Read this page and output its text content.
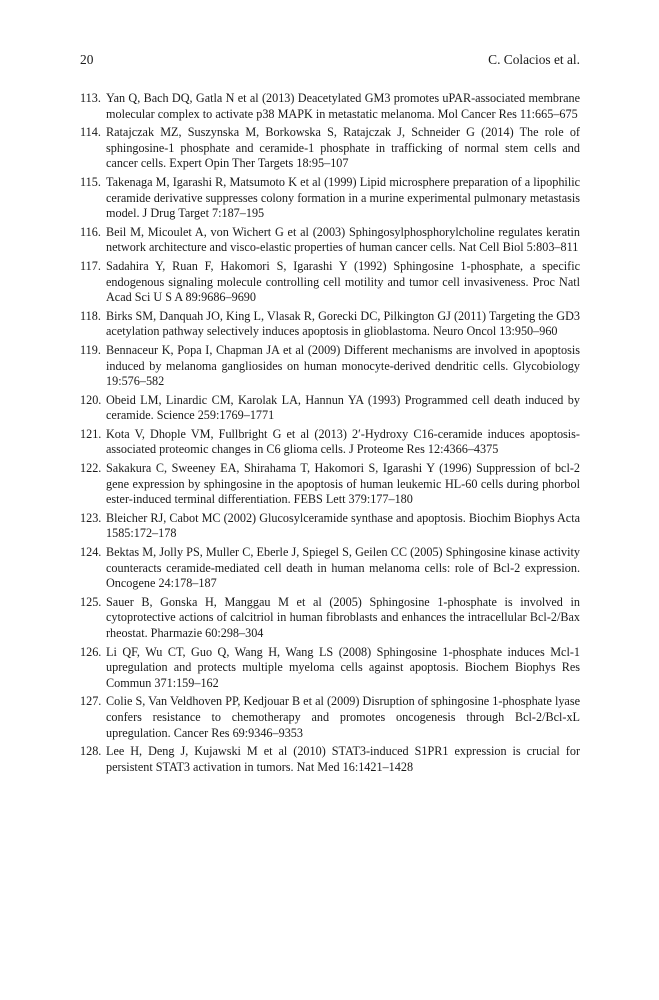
20	C. Colacios et al.
113. Yan Q, Bach DQ, Gatla N et al (2013) Deacetylated GM3 promotes uPAR-associated membrane molecular complex to activate p38 MAPK in metastatic melanoma. Mol Cancer Res 11:665–675
114. Ratajczak MZ, Suszynska M, Borkowska S, Ratajczak J, Schneider G (2014) The role of sphingosine-1 phosphate and ceramide-1 phosphate in trafficking of normal stem cells and cancer cells. Expert Opin Ther Targets 18:95–107
115. Takenaga M, Igarashi R, Matsumoto K et al (1999) Lipid microsphere preparation of a lipophilic ceramide derivative suppresses colony formation in a murine experimental pulmonary metastasis model. J Drug Target 7:187–195
116. Beil M, Micoulet A, von Wichert G et al (2003) Sphingosylphosphorylcholine regulates keratin network architecture and visco-elastic properties of human cancer cells. Nat Cell Biol 5:803–811
117. Sadahira Y, Ruan F, Hakomori S, Igarashi Y (1992) Sphingosine 1-phosphate, a specific endogenous signaling molecule controlling cell motility and tumor cell invasiveness. Proc Natl Acad Sci U S A 89:9686–9690
118. Birks SM, Danquah JO, King L, Vlasak R, Gorecki DC, Pilkington GJ (2011) Targeting the GD3 acetylation pathway selectively induces apoptosis in glioblastoma. Neuro Oncol 13:950–960
119. Bennaceur K, Popa I, Chapman JA et al (2009) Different mechanisms are involved in apoptosis induced by melanoma gangliosides on human monocyte-derived dendritic cells. Glycobiology 19:576–582
120. Obeid LM, Linardic CM, Karolak LA, Hannun YA (1993) Programmed cell death induced by ceramide. Science 259:1769–1771
121. Kota V, Dhople VM, Fullbright G et al (2013) 2′-Hydroxy C16-ceramide induces apoptosis-associated proteomic changes in C6 glioma cells. J Proteome Res 12:4366–4375
122. Sakakura C, Sweeney EA, Shirahama T, Hakomori S, Igarashi Y (1996) Suppression of bcl-2 gene expression by sphingosine in the apoptosis of human leukemic HL-60 cells during phorbol ester-induced terminal differentiation. FEBS Lett 379:177–180
123. Bleicher RJ, Cabot MC (2002) Glucosylceramide synthase and apoptosis. Biochim Biophys Acta 1585:172–178
124. Bektas M, Jolly PS, Muller C, Eberle J, Spiegel S, Geilen CC (2005) Sphingosine kinase activity counteracts ceramide-mediated cell death in human melanoma cells: role of Bcl-2 expression. Oncogene 24:178–187
125. Sauer B, Gonska H, Manggau M et al (2005) Sphingosine 1-phosphate is involved in cytoprotective actions of calcitriol in human fibroblasts and enhances the intracellular Bcl-2/Bax rheostat. Pharmazie 60:298–304
126. Li QF, Wu CT, Guo Q, Wang H, Wang LS (2008) Sphingosine 1-phosphate induces Mcl-1 upregulation and protects multiple myeloma cells against apoptosis. Biochem Biophys Res Commun 371:159–162
127. Colie S, Van Veldhoven PP, Kedjouar B et al (2009) Disruption of sphingosine 1-phosphate lyase confers resistance to chemotherapy and promotes oncogenesis through Bcl-2/Bcl-xL upregulation. Cancer Res 69:9346–9353
128. Lee H, Deng J, Kujawski M et al (2010) STAT3-induced S1PR1 expression is crucial for persistent STAT3 activation in tumors. Nat Med 16:1421–1428
